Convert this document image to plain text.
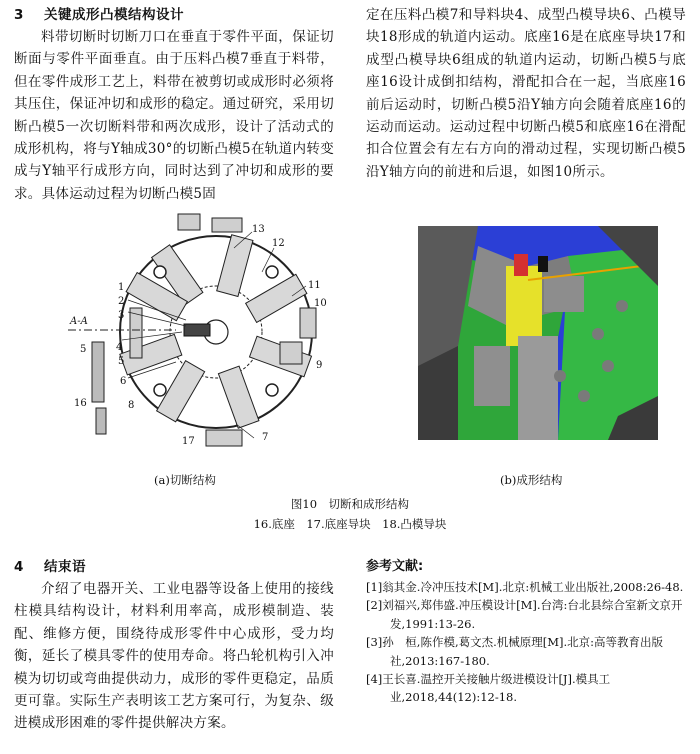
3 关键成形凸模结构设计

料带切断时切断刀口在垂直于零件平面，保证切断面与零件平面垂直。由于压料凸模7垂直于料带，但在零件成形工艺上，料带在被剪切或成形时必须将其压住，保证冲切和成形的稳定。通过研究，采用切断凸模5一次切断料带和两次成形，设计了活动式的成形机构，将与Y轴成30°的切断凸模5在轨道内转变成与Y轴平行成形方向，同时达到了冲切和成形的要求。具体运动过程为切断凸模5固

定在压料凸模7和导料块4、成型凸模导块6、凸模导块18形成的轨道内运动。底座16是在底座导块17和成型凸模导块6组成的轨道内运动，切断凸模5与底座16设计成倒扣结构，滑配扣合在一起，当底座16前后运动时，切断凸模5沿Y轴方向会随着底座16的运动而运动。运动过程中切断凸模5和底座16在滑配扣合位置会有左右方向的滑动过程，实现切断凸模5沿Y轴方向的前进和后退，如图10所示。

13
12
11
10
9
1
2
3
A-A
4
5
5
6
16	8
17	7
(a)切断结构	(b)成形结构
图10　切断和成形结构
16.底座　17.底座导块　18.凸模导块
4 结束语

介绍了电器开关、工业电器等设备上使用的接线柱模具结构设计，材料利用率高，成形模制造、装配、维修方便，围绕待成形零件中心成形，受力均衡，延长了模具零件的使用寿命。将凸轮机构引入冲模为切切或弯曲提供动力，成形的零件更稳定，品质更可靠。实际生产表明该工艺方案可行，为复杂、级进模成形困难的零件提供解决方案。

参考文献:

[1]翁其金.冷冲压技术[M].北京:机械工业出版社,2008:26-48.

[2]刘福兴,郑伟盛.冲压模设计[M].台湾:台北县综合室新文京开发,1991:13-26.

[3]孙　桓,陈作模,葛文杰.机械原理[M].北京:高等教育出版社,2013:167-180.

[4]王长喜.温控开关接触片级进模设计[J].模具工业,2018,44(12):12-18.
